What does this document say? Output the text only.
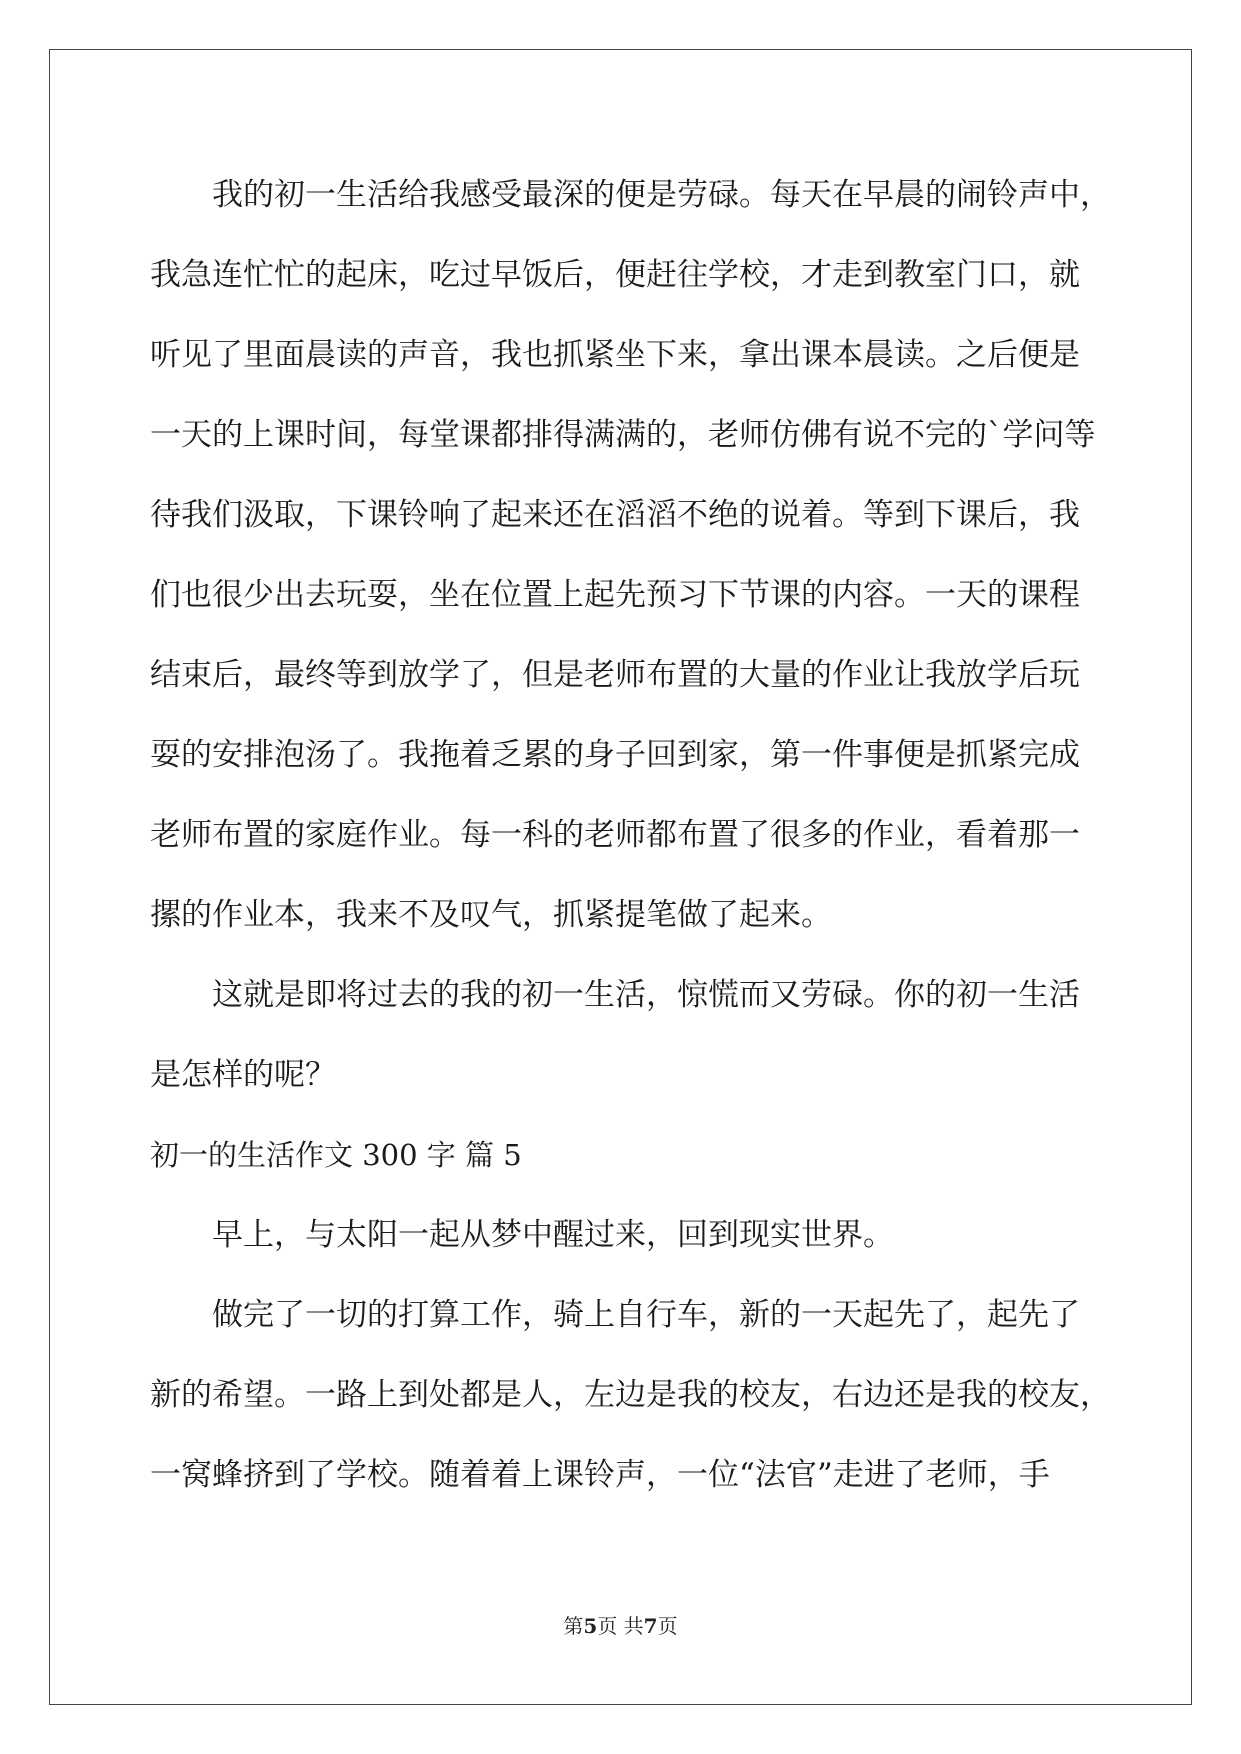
我的初一生活给我感受最深的便是劳碌。每天在早晨的闹铃声中，
我急连忙忙的起床，吃过早饭后，便赶往学校，才走到教室门口，就
听见了里面晨读的声音，我也抓紧坐下来，拿出课本晨读。之后便是
一天的上课时间，每堂课都排得满满的，老师仿佛有说不完的`学问等
待我们汲取，下课铃响了起来还在滔滔不绝的说着。等到下课后，我
们也很少出去玩耍，坐在位置上起先预习下节课的内容。一天的课程
结束后，最终等到放学了，但是老师布置的大量的作业让我放学后玩
耍的安排泡汤了。我拖着乏累的身子回到家，第一件事便是抓紧完成
老师布置的家庭作业。每一科的老师都布置了很多的作业，看着那一
摞的作业本，我来不及叹气，抓紧提笔做了起来。
这就是即将过去的我的初一生活，惊慌而又劳碌。你的初一生活
是怎样的呢？
初一的生活作文 300 字 篇 5
早上，与太阳一起从梦中醒过来，回到现实世界。
做完了一切的打算工作，骑上自行车，新的一天起先了，起先了
新的希望。一路上到处都是人，左边是我的校友，右边还是我的校友，
一窝蜂挤到了学校。随着着上课铃声，一位“法官”走进了老师，手
第5页 共7页
